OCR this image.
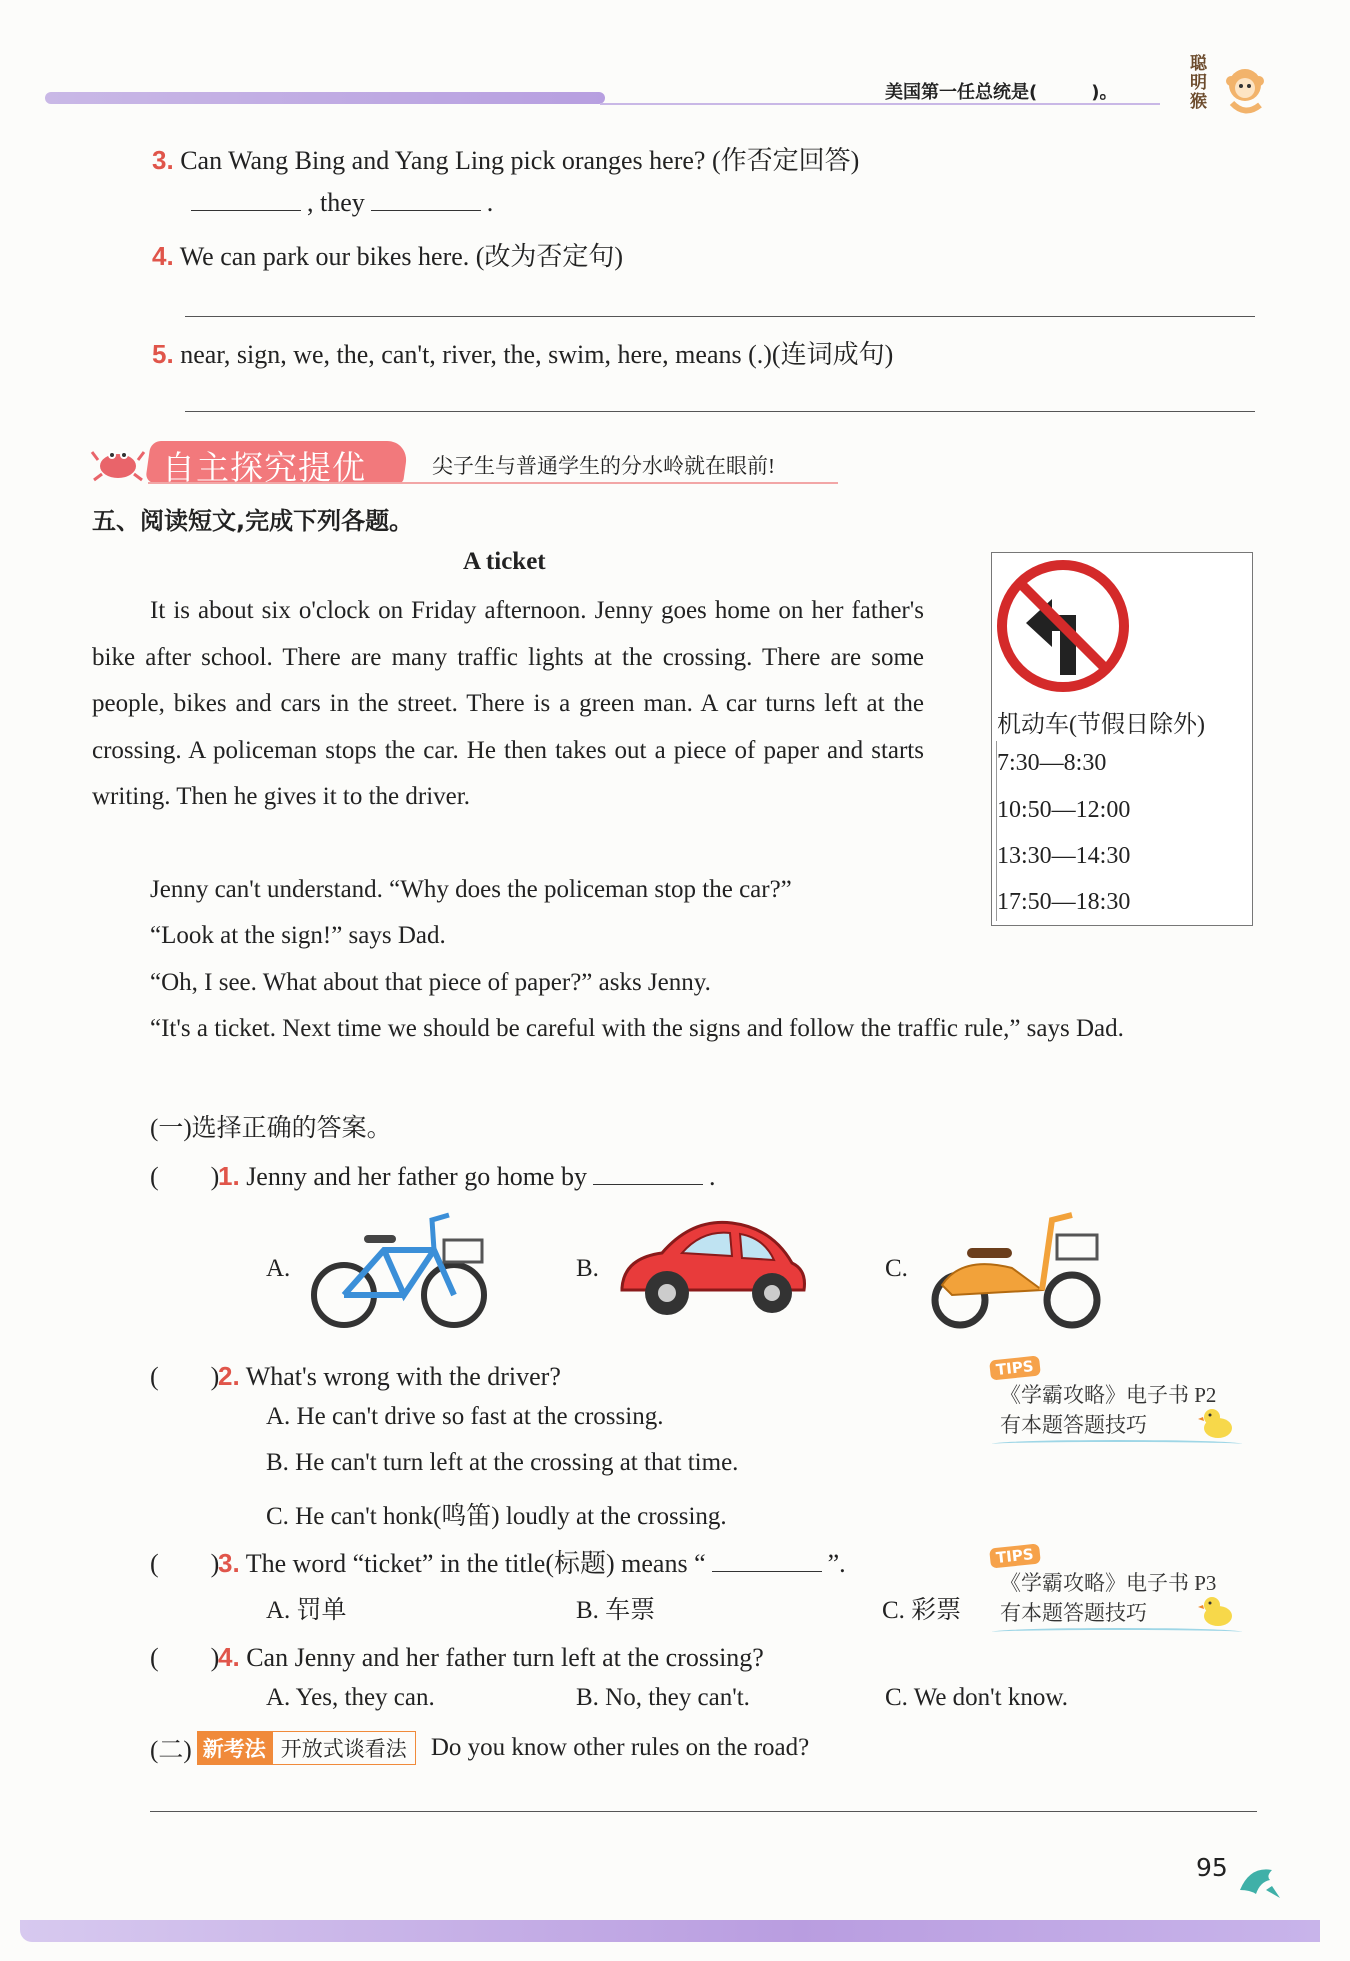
美国第一任总统是(　　　)。
聪明猴
3. Can Wang Bing and Yang Ling pick oranges here? (作否定回答)
, they	.
4. We can park our bikes here. (改为否定句)
5. near, sign, we, the, can't, river, the, swim, here, means (.)(连词成句)
自主探究提优	尖子生与普通学生的分水岭就在眼前!
五、阅读短文,完成下列各题。
A ticket
It is about six o'clock on Friday afternoon. Jenny goes home on her father's bike after school. There are many traffic lights at the crossing. There are some people, bikes and cars in the street. There is a green man. A car turns left at the crossing. A policeman stops the car. He then takes out a piece of paper and starts writing. Then he gives it to the driver.
Jenny can't understand. “Why does the policeman stop the car?”
“Look at the sign!” says Dad.
“Oh, I see. What about that piece of paper?” asks Jenny.
“It's a ticket. Next time we should be careful with the signs and follow the traffic rule,” says Dad.
机动车(节假日除外)
7:30—8:30
10:50—12:00
13:30—14:30
17:50—18:30
(一)选择正确的答案。
(　　)1. Jenny and her father go home by	.
A.	B.	C.
(　　)2. What's wrong with the driver?
A. He can't drive so fast at the crossing.
B. He can't turn left at the crossing at that time.
C. He can't honk(鸣笛) loudly at the crossing.
TIPS
《学霸攻略》电子书 P2
有本题答题技巧
(　　)3. The word “ticket” in the title(标题) means “	”.
A. 罚单	B. 车票	C. 彩票
TIPS
《学霸攻略》电子书 P3
有本题答题技巧
(　　)4. Can Jenny and her father turn left at the crossing?
A. Yes, they can.	B. No, they can't.	C. We don't know.
(二) 新考法 开放式谈看法 Do you know other rules on the road?
95
